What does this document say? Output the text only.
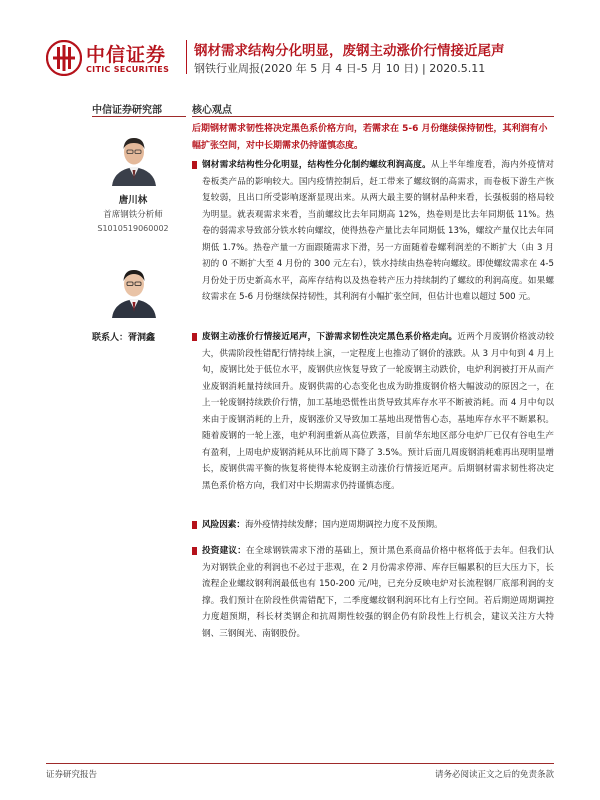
中信证券
CITIC SECURITIES
钢材需求结构分化明显，废钢主动涨价行情接近尾声
钢铁行业周报(2020 年 5 月 4 日-5 月 10 日) | 2020.5.11
中信证券研究部
唐川林
首席钢铁分析师
S1010519060002
联系人：胥洞鑫
核心观点
后期钢材需求韧性将决定黑色系价格方向，若需求在 5-6 月份继续保持韧性，其利润有小幅扩张空间，对中长期需求仍持谨慎态度。
钢材需求结构性分化明显，结构性分化制约螺纹利润高度。从上半年维度看，海内外疫情对卷板类产品的影响较大。国内疫情控制后，赶工带来了螺纹钢的高需求，而卷板下游生产恢复较弱，且出口所受影响逐渐显现出来。从两大最主要的钢材品种来看，长强板弱的格局较为明显。就表观需求来看，当前螺纹比去年同期高 12%，热卷则是比去年同期低 11%。热卷的弱需求导致部分铁水转向螺纹，使得热卷产量比去年同期低 13%，螺纹产量仅比去年同期低 1.7%。热卷产量一方面跟随需求下滑，另一方面随着卷螺利润差的不断扩大（由 3 月初的 0 不断扩大至 4 月份的 300 元左右），铁水持续由热卷转向螺纹。即使螺纹需求在 4-5 月份处于历史新高水平，高库存结构以及热卷转产压力持续制约了螺纹的利润高度。如果螺纹需求在 5-6 月份继续保持韧性，其利润有小幅扩张空间，但估计也难以超过 500 元。
废钢主动涨价行情接近尾声，下游需求韧性决定黑色系价格走向。近两个月废钢价格波动较大，供需阶段性错配行情持续上演，一定程度上也推动了钢价的涨跌。从 3 月中旬到 4 月上旬，废钢比处于低位水平，废钢供应恢复导致了一轮废钢主动跌价，电炉利润被打开从而产业废钢消耗量持续回升。废钢供需的心态变化也成为助推废钢价格大幅波动的原因之一，在上一轮废钢持续跌价行情，加工基地恐慌性出货导致其库存水平不断被消耗。而 4 月中旬以来由于废钢消耗的上升，废钢涨价又导致加工基地出现惜售心态，基地库存水平不断累积。随着废钢的一轮上涨，电炉利润重新从高位跌落，目前华东地区部分电炉厂已仅有谷电生产有盈利，上周电炉废钢消耗从环比前周下降了 3.5%。预计后面几周废钢消耗难再出现明显增长，废钢供需平衡的恢复将使得本轮废钢主动涨价行情接近尾声。后期钢材需求韧性将决定黑色系价格方向，我们对中长期需求仍持谨慎态度。
风险因素：海外疫情持续发酵；国内逆周期调控力度不及预期。
投资建议：在全球钢铁需求下滑的基础上，预计黑色系商品价格中枢将低于去年。但我们认为对钢铁企业的利润也不必过于悲观，在 2 月份需求停滞、库存巨幅累积的巨大压力下，长流程企业螺纹钢利润最低也有 150-200 元/吨，已充分反映电炉对长流程钢厂底部利润的支撑。我们预计在阶段性供需错配下，二季度螺纹钢利润环比有上行空间。若后期逆周期调控力度超预期，科长材类钢企和抗周期性较强的钢企仍有阶段性上行机会，建议关注方大特钢、三钢闽光、南钢股份。
证券研究报告	请务必阅读正文之后的免责条款
